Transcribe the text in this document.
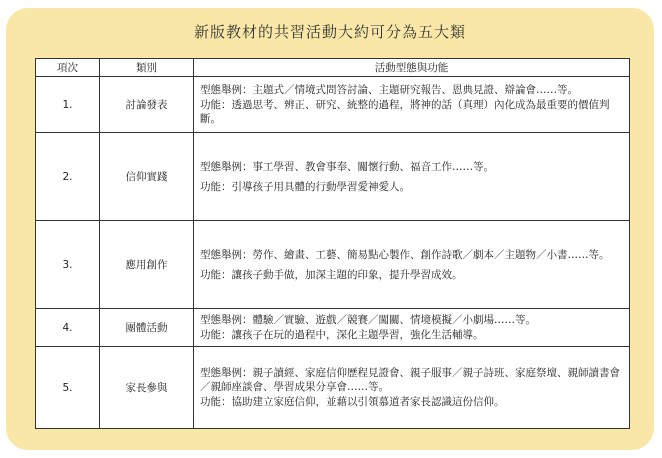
新版教材的共習活動大約可分為五大類
項次	類別	活動型態與功能
1.	討論發表	型態舉例：主題式／情境式問答討論、主題研究報告、恩典見證、辯論會……等。
功能：透過思考、辨正、研究、統整的過程，將神的話（真理）內化成為最重要的價值判斷。

2.	信仰實踐	型態舉例：事工學習、教會事奉、關懷行動、福音工作……等。
功能：引導孩子用具體的行動學習愛神愛人。

3.	應用創作	型態舉例：勞作、繪畫、工藝、簡易點心製作、創作詩歌／劇本／主題物／小書……等。
功能：讓孩子動手做，加深主題的印象，提升學習成效。

4.	團體活動	型態舉例：體驗／實驗、遊戲／競賽／闖關、情境模擬／小劇場……等。
功能：讓孩子在玩的過程中，深化主題學習，強化生活輔導。

5.	家長參與	型態舉例：親子讀經、家庭信仰歷程見證會、親子服事／親子詩班、家庭祭壇、親師讀書會／親師座談會、學習成果分享會……等。
功能：協助建立家庭信仰，並藉以引領慕道者家長認識這份信仰。
